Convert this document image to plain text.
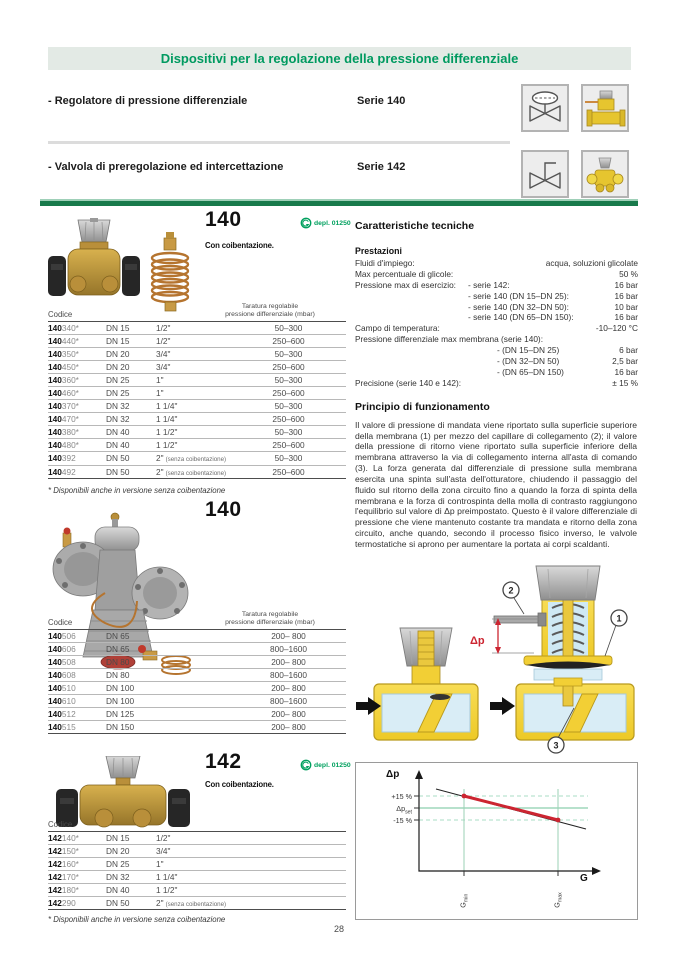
Dispositivi per la regolazione della pressione differenziale
- Regolatore di pressione differenziale	Serie 140
- Valvola di preregolazione ed intercettazione	Serie 142
140	depl. 01250
Con coibentazione.
Codice
Taratura regolabile
pressione differenziale (mbar)
140340*	DN 15	1/2"	50–300
140440*	DN 15	1/2"	250–600
140350*	DN 20	3/4"	50–300
140450*	DN 20	3/4"	250–600
140360*	DN 25	1"	50–300
140460*	DN 25	1"	250–600
140370*	DN 32	1 1/4"	50–300
140470*	DN 32	1 1/4"	250–600
140380*	DN 40	1 1/2"	50–300
140480*	DN 40	1 1/2"	250–600
140392	DN 50	2" (senza coibentazione)	50–300
140492	DN 50	2" (senza coibentazione)	250–600
* Disponibili anche in versione senza coibentazione
140
Codice
Taratura regolabile
pressione differenziale (mbar)
140506	DN 65	200– 800
140606	DN 65	800–1600
140508	DN 80	200– 800
140608	DN 80	800–1600
140510	DN 100	200– 800
140610	DN 100	800–1600
140512	DN 125	200– 800
140515	DN 150	200– 800
142	depl. 01250
Con coibentazione.
Codice
142140*	DN 15	1/2"
142150*	DN 20	3/4"
142160*	DN 25	1"
142170*	DN 32	1 1/4"
142180*	DN 40	1 1/2"
142290	DN 50	2" (senza coibentazione)
* Disponibili anche in versione senza coibentazione
Caratteristiche tecniche
Prestazioni
Fluidi d'impiego:	acqua, soluzioni glicolate
Max percentuale di glicole:	50 %
Pressione max di esercizio: - serie 142:	16 bar
- serie 140 (DN 15–DN 25):	16 bar
- serie 140 (DN 32–DN 50):	10 bar
- serie 140 (DN 65–DN 150):	16 bar
Campo di temperatura:	-10–120 °C
Pressione differenziale max membrana (serie 140):
- (DN 15–DN 25)	6 bar
- (DN 32–DN 50)	2,5 bar
- (DN 65–DN 150)	16 bar
Precisione (serie 140 e 142):	± 15 %
Principio di funzionamento
Il valore di pressione di mandata viene riportato sulla superficie superiore della membrana (1) per mezzo del capillare di collegamento (2); il valore della pressione di ritorno viene riportato sulla superficie inferiore della membrana attraverso la via di collegamento interna all'asta di comando (3). La forza generata dal differenziale di pressione sulla membrana esercita una spinta sull'asta dell'otturatore, chiudendo il passaggio del fluido sul ritorno della zona circuito fino a quando la forza di spinta della membrana e la forza di controspinta della molla di contrasto raggiungono l'equilibrio sul valore di Δp preimpostato. Questo è il valore differenziale di pressione che viene mantenuto costante tra mandata e ritorno della zona circuito, anche quando, secondo il processo fisico inverso, le valvole termostatiche si aprono per aumentare la portata ai corpi scaldanti.
Δp
2
1
3
Δp
G
+15 %
$\Delta p_{set}$
-15 %
$G_{min}$
$G_{max}$
28
